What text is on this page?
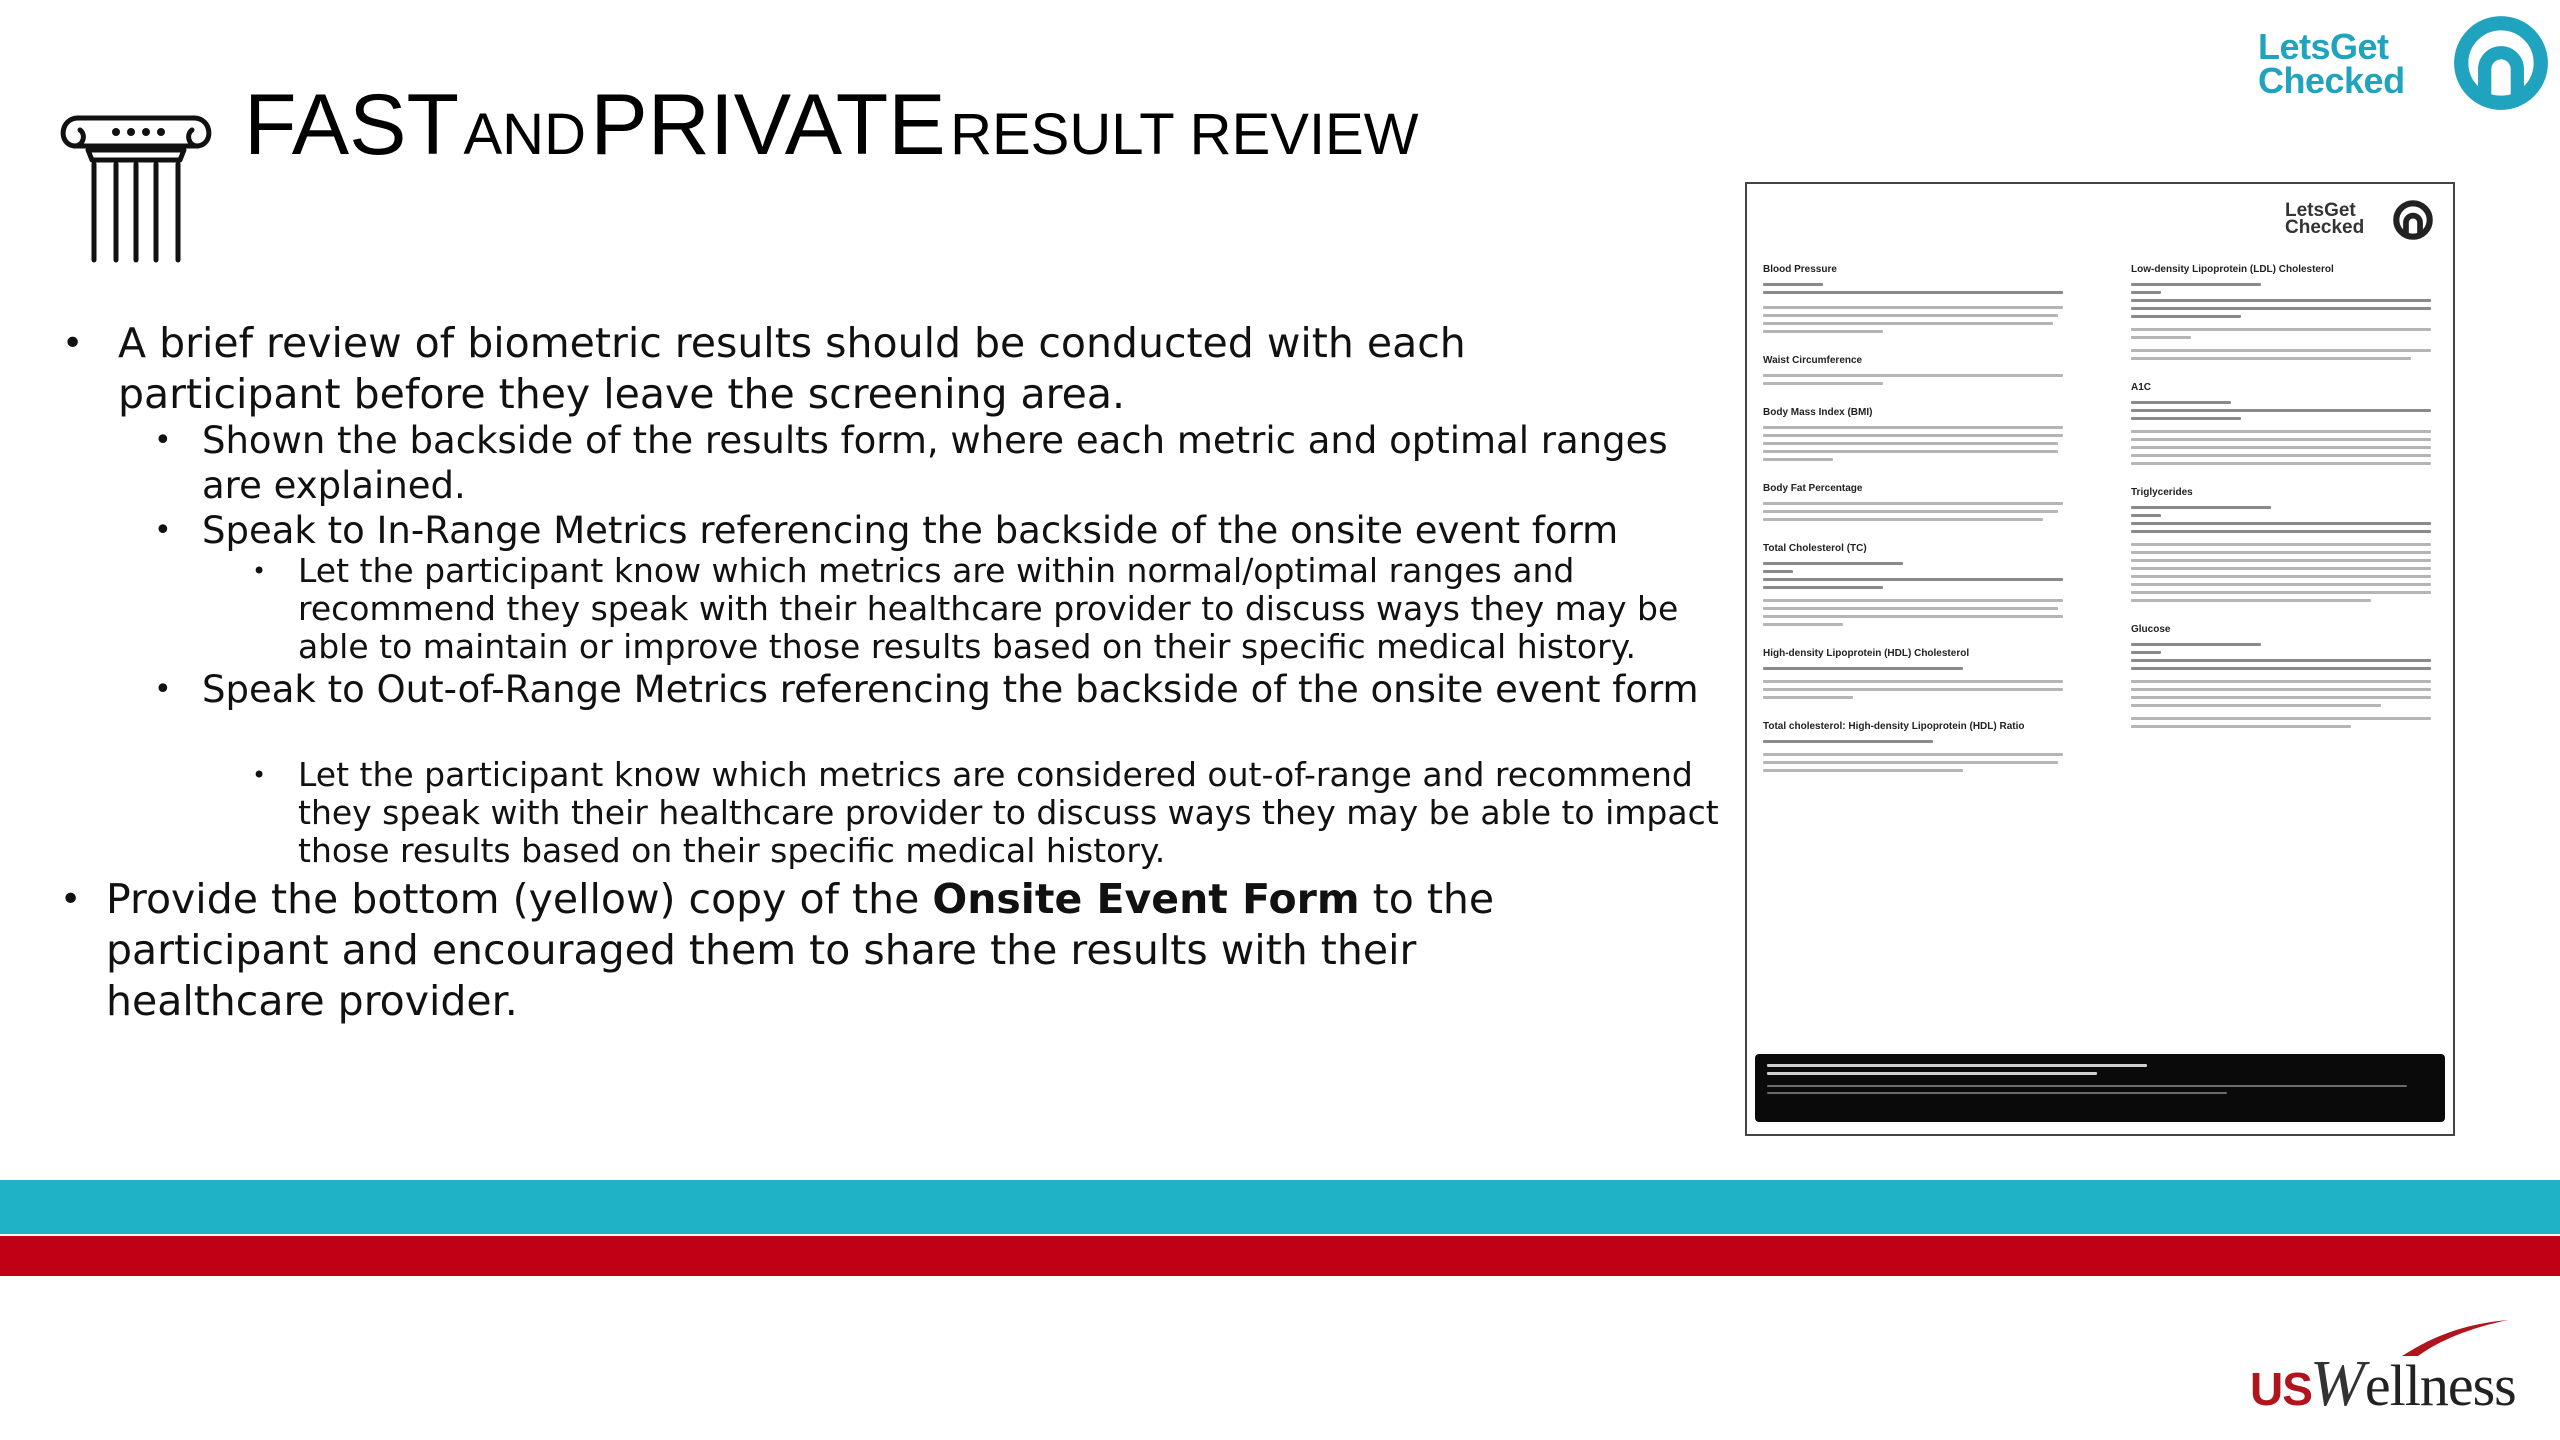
FAST AND PRIVATE RESULT REVIEW
• A brief review of biometric results should be conducted with each participant before they leave the screening area.
• Shown the backside of the results form, where each metric and optimal ranges are explained.
• Speak to In-Range Metrics referencing the backside of the onsite event form
• Let the participant know which metrics are within normal/optimal ranges and recommend they speak with their healthcare provider to discuss ways they may be able to maintain or improve those results based on their specific medical history.
• Speak to Out-of-Range Metrics referencing the backside of the onsite event form
• Let the participant know which metrics are considered out-of-range and recommend they speak with their healthcare provider to discuss ways they may be able to impact those results based on their specific medical history.
• Provide the bottom (yellow) copy of the Onsite Event Form to the participant and encouraged them to share the results with their healthcare provider.
LetsGet
Checked
LetsGet
Checked
Blood Pressure
Waist Circumference
Body Mass Index (BMI)
Body Fat Percentage
Total Cholesterol (TC)
High-density Lipoprotein (HDL) Cholesterol
Total cholesterol: High-density Lipoprotein (HDL) Ratio
Low-density Lipoprotein (LDL) Cholesterol
A1C
Triglycerides
Glucose
USWellness
